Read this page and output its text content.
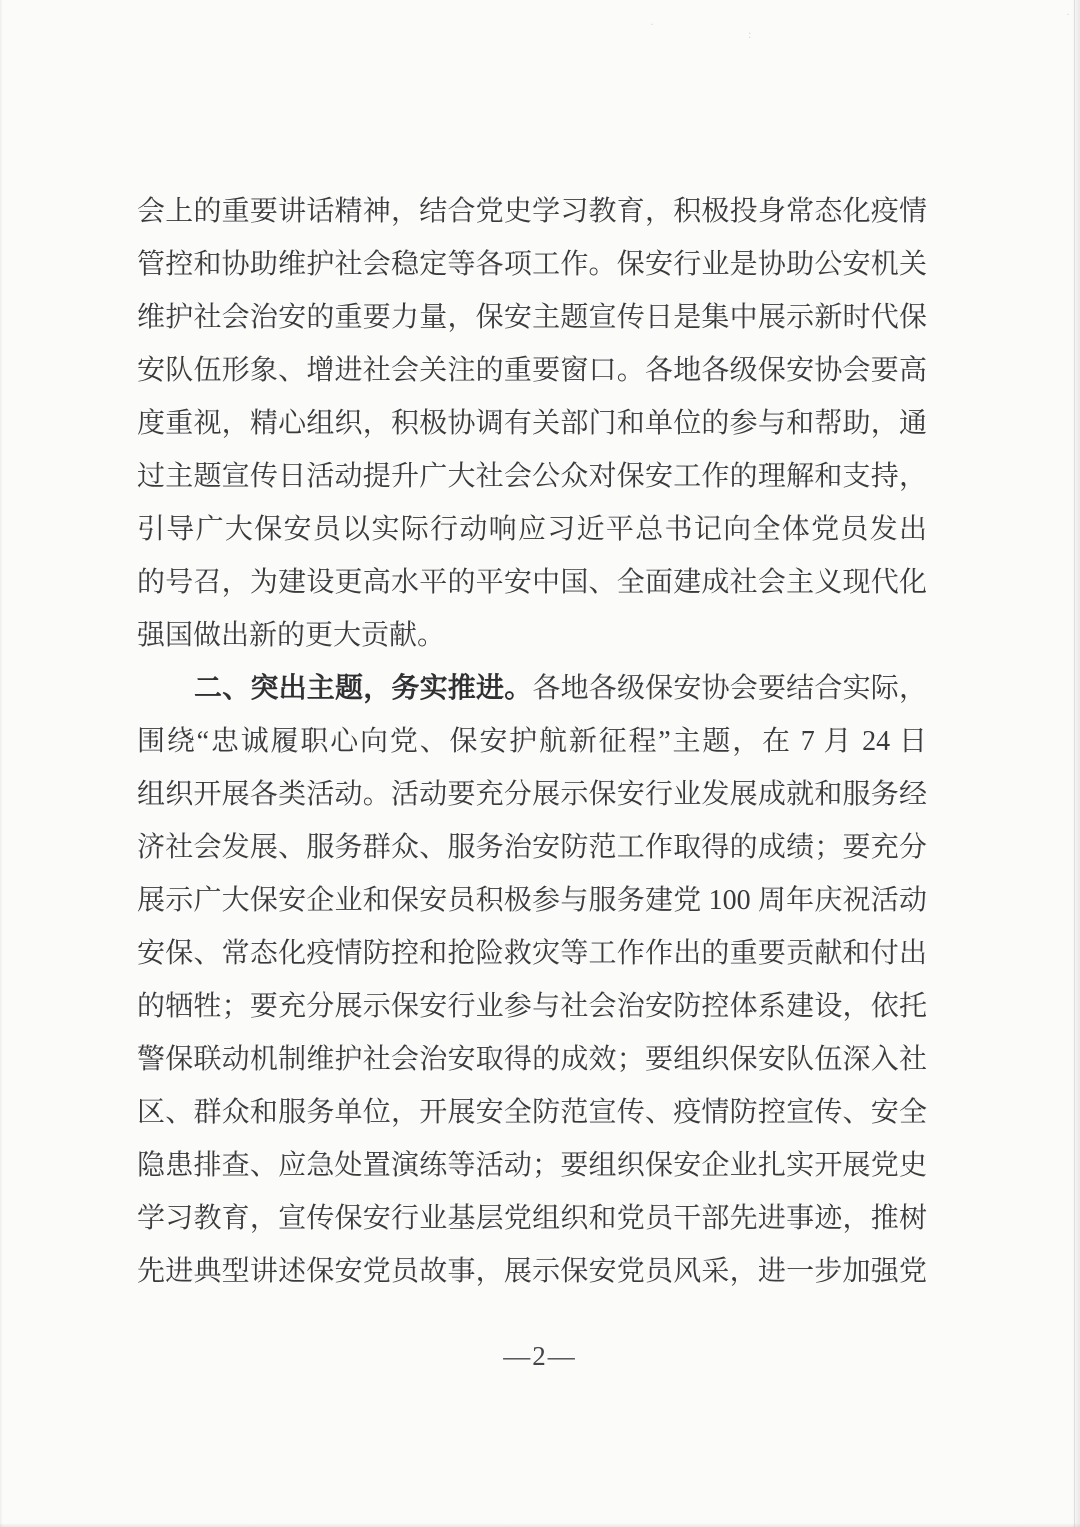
·
:
·
会上的重要讲话精神，结合党史学习教育，积极投身常态化疫情
管控和协助维护社会稳定等各项工作。保安行业是协助公安机关
维护社会治安的重要力量，保安主题宣传日是集中展示新时代保
安队伍形象、增进社会关注的重要窗口。各地各级保安协会要高
度重视，精心组织，积极协调有关部门和单位的参与和帮助，通
过主题宣传日活动提升广大社会公众对保安工作的理解和支持，
引导广大保安员以实际行动响应习近平总书记向全体党员发出
的号召，为建设更高水平的平安中国、全面建成社会主义现代化
强国做出新的更大贡献。
二、突出主题，务实推进。各地各级保安协会要结合实际，
围绕“忠诚履职心向党、保安护航新征程”主题，在 7 月 24 日
组织开展各类活动。活动要充分展示保安行业发展成就和服务经
济社会发展、服务群众、服务治安防范工作取得的成绩；要充分
展示广大保安企业和保安员积极参与服务建党 100 周年庆祝活动
安保、常态化疫情防控和抢险救灾等工作作出的重要贡献和付出
的牺牲；要充分展示保安行业参与社会治安防控体系建设，依托
警保联动机制维护社会治安取得的成效；要组织保安队伍深入社
区、群众和服务单位，开展安全防范宣传、疫情防控宣传、安全
隐患排查、应急处置演练等活动；要组织保安企业扎实开展党史
学习教育，宣传保安行业基层党组织和党员干部先进事迹，推树
先进典型讲述保安党员故事，展示保安党员风采，进一步加强党
—2—
